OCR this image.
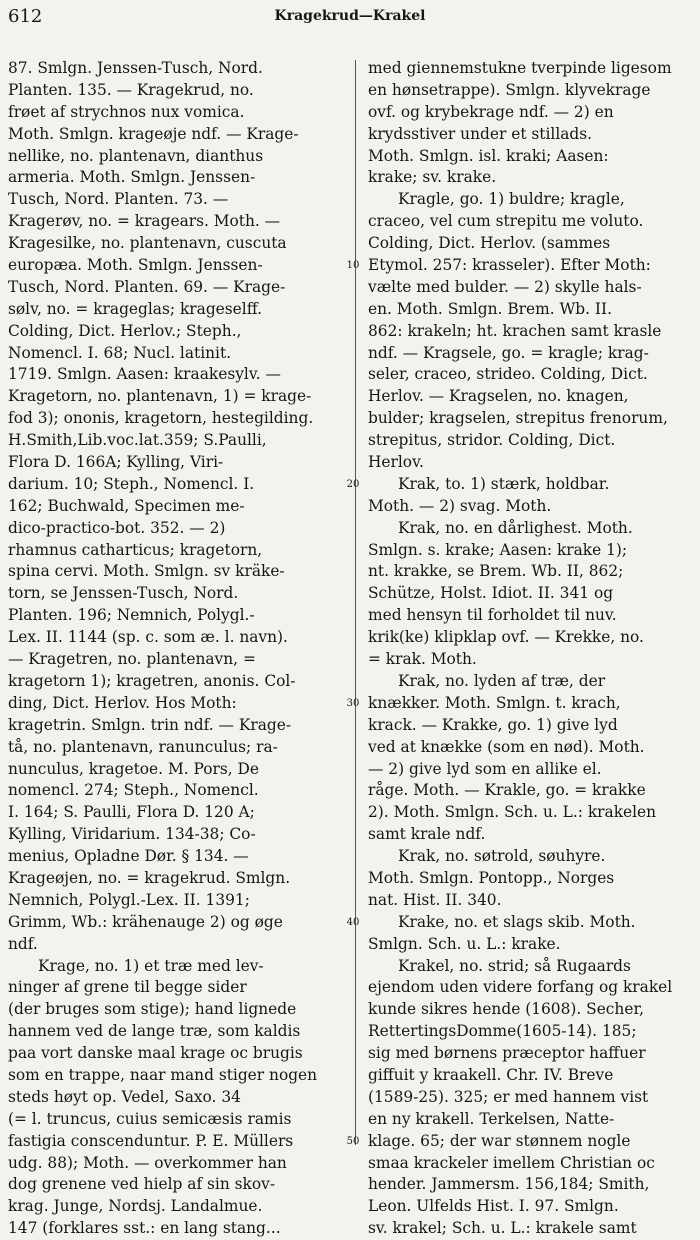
612	Kragekrud—Krakel
87. Smlgn. Jenssen-Tusch, Nord.
Planten. 135. — Kragekrud, no.
frøet af strychnos nux vomica.
Moth. Smlgn. krageøje ndf. — Krage-
nellike, no. plantenavn, dianthus
armeria. Moth. Smlgn. Jenssen-
Tusch, Nord. Planten. 73. —
Kragerøv, no. = kragears. Moth. —
Kragesilke, no. plantenavn, cuscuta
europæa. Moth. Smlgn. Jenssen-
Tusch, Nord. Planten. 69. — Krage-
sølv, no. = krageglas; krageselff.
Colding, Dict. Herlov.; Steph.,
Nomencl. I. 68; Nucl. latinit.
1719. Smlgn. Aasen: kraakesylv. —
Kragetorn, no. plantenavn, 1) = krage-
fod 3); ononis, kragetorn, hestegilding.
H.Smith,Lib.voc.lat.359; S.Paulli,
Flora D. 166A; Kylling, Viri-
darium. 10; Steph., Nomencl. I.
162; Buchwald, Specimen me-
dico-practico-bot. 352. — 2)
rhamnus catharticus; kragetorn,
spina cervi. Moth. Smlgn. sv kräke-
torn, se Jenssen-Tusch, Nord.
Planten. 196; Nemnich, Polygl.-
Lex. II. 1144 (sp. c. som æ. l. navn).
— Kragetren, no. plantenavn, =
kragetorn 1); kragetren, anonis. Col-
ding, Dict. Herlov. Hos Moth:
kragetrin. Smlgn. trin ndf. — Krage-
tå, no. plantenavn, ranunculus; ra-
nunculus, kragetoe. M. Pors, De
nomencl. 274; Steph., Nomencl.
I. 164; S. Paulli, Flora D. 120 A;
Kylling, Viridarium. 134-38; Co-
menius, Opladne Dør. § 134. —
Krageøjen, no. = kragekrud. Smlgn.
Nemnich, Polygl.-Lex. II. 1391;
Grimm, Wb.: krähenauge 2) og øge
ndf.
Krage, no. 1) et træ med lev-
ninger af grene til begge sider
(der bruges som stige); hand lignede
hannem ved de lange træ, som kaldis
paa vort danske maal krage oc brugis
som en trappe, naar mand stiger nogen
steds høyt op. Vedel, Saxo. 34
(= l. truncus, cuius semicæsis ramis
fastigia conscenduntur. P. E. Müllers
udg. 88); Moth. — overkommer han
dog grenene ved hielp af sin skov-
krag. Junge, Nordsj. Landalmue.
147 (forklares sst.: en lang stang...
med giennemstukne tverpinde ligesom
en hønsetrappe). Smlgn. klyvekrage
ovf. og krybekrage ndf. — 2) en
krydsstiver under et stillads.
Moth. Smlgn. isl. kraki; Aasen:
krake; sv. krake.
Kragle, go. 1) buldre; kragle,
craceo, vel cum strepitu me voluto.
Colding, Dict. Herlov. (sammes
Etymol. 257: krasseler). Efter Moth:
vælte med bulder. — 2) skylle hals-
en. Moth. Smlgn. Brem. Wb. II.
862: krakeln; ht. krachen samt krasle
ndf. — Kragsele, go. = kragle; krag-
seler, craceo, strideo. Colding, Dict.
Herlov. — Kragselen, no. knagen,
bulder; kragselen, strepitus frenorum,
strepitus, stridor. Colding, Dict.
Herlov.
Krak, to. 1) stærk, holdbar.
Moth. — 2) svag. Moth.
Krak, no. en dårlighest. Moth.
Smlgn. s. krake; Aasen: krake 1);
nt. krakke, se Brem. Wb. II, 862;
Schütze, Holst. Idiot. II. 341 og
med hensyn til forholdet til nuv.
krik(ke) klipklap ovf. — Krekke, no.
= krak. Moth.
Krak, no. lyden af træ, der
knækker. Moth. Smlgn. t. krach,
krack. — Krakke, go. 1) give lyd
ved at knække (som en nød). Moth.
— 2) give lyd som en allike el.
råge. Moth. — Krakle, go. = krakke
2). Moth. Smlgn. Sch. u. L.: krakelen
samt krale ndf.
Krak, no. søtrold, søuhyre.
Moth. Smlgn. Pontopp., Norges
nat. Hist. II. 340.
Krake, no. et slags skib. Moth.
Smlgn. Sch. u. L.: krake.
Krakel, no. strid; så Rugaards
ejendom uden videre forfang og krakel
kunde sikres hende (1608). Secher,
RettertingsDomme(1605-14). 185;
sig med børnens præceptor haffuer
giffuit y kraakell. Chr. IV. Breve
(1589-25). 325; er med hannem vist
en ny krakell. Terkelsen, Natte-
klage. 65; der war stønnem nogle
smaa krackeler imellem Christian oc
hender. Jammersm. 156,184; Smith,
Leon. Ulfelds Hist. I. 97. Smlgn.
sv. krakel; Sch. u. L.: krakele samt
10
20
30
40
50
